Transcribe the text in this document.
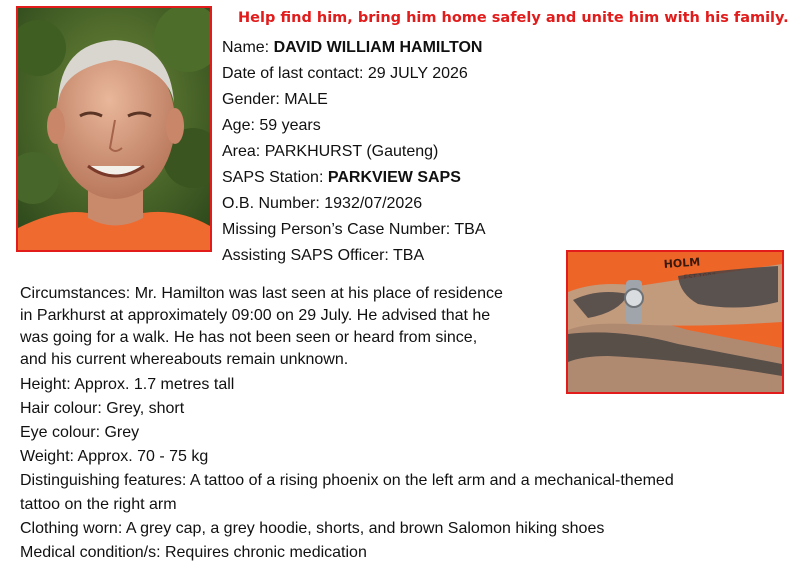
Help find him, bring him home safely and unite him with his family.
Name: DAVID WILLIAM HAMILTON
Date of last contact: 29 JULY 2026
Gender: MALE
Age: 59 years
Area: PARKHURST (Gauteng)
SAPS Station: PARKVIEW SAPS
O.B. Number: 1932/07/2026
Missing Person’s Case Number: TBA
Assisting SAPS Officer: TBA	HOLM
Circumstances: Mr. Hamilton was last seen at his place of residence
in Parkhurst at approximately 09:00 on 29 July. He advised that he
was going for a walk. He has not been seen or heard from since,
and his current whereabouts remain unknown.
Height: Approx. 1.7 metres tall
Hair colour: Grey, short
Eye colour: Grey
Weight: Approx. 70 - 75 kg
Distinguishing features: A tattoo of a rising phoenix on the left arm and a mechanical-themed
tattoo on the right arm
Clothing worn: A grey cap, a grey hoodie, shorts, and brown Salomon hiking shoes
Medical condition/s: Requires chronic medication
